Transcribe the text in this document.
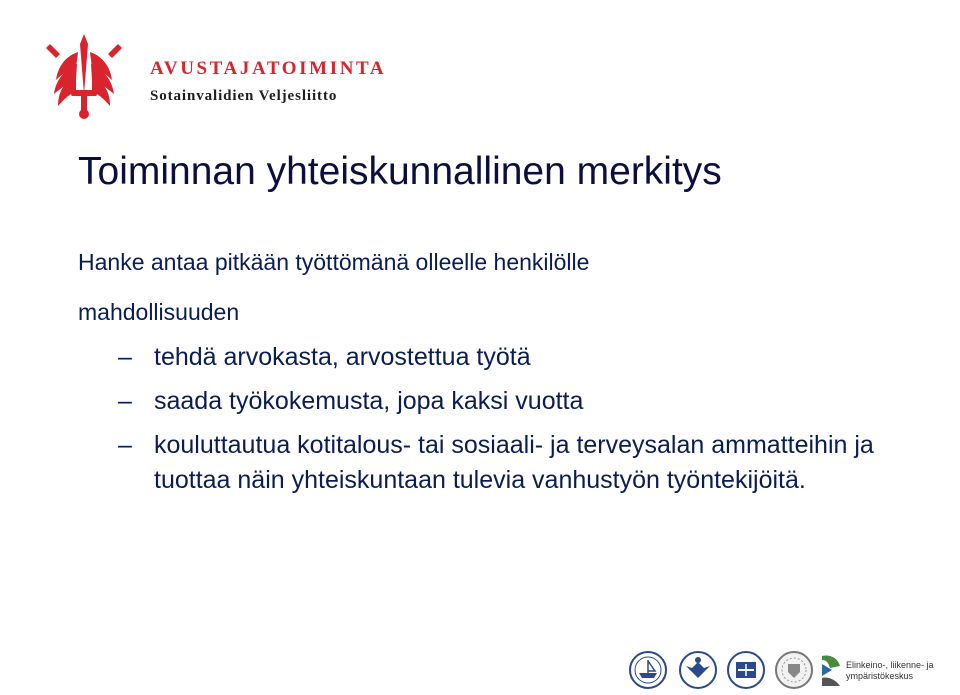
AVUSTAJATOIMINTA
Sotainvalidien Veljesliitto
Toiminnan yhteiskunnallinen merkitys
Hanke antaa pitkään työttömänä olleelle henkilölle
mahdollisuuden
– tehdä arvokasta, arvostettua työtä
– saada työkokemusta, jopa kaksi vuotta
– kouluttautua kotitalous- tai sosiaali- ja terveysalan ammatteihin ja tuottaa näin yhteiskuntaan tulevia vanhustyön työntekijöitä.
Elinkeino-, liikenne- ja
ympäristökeskus
